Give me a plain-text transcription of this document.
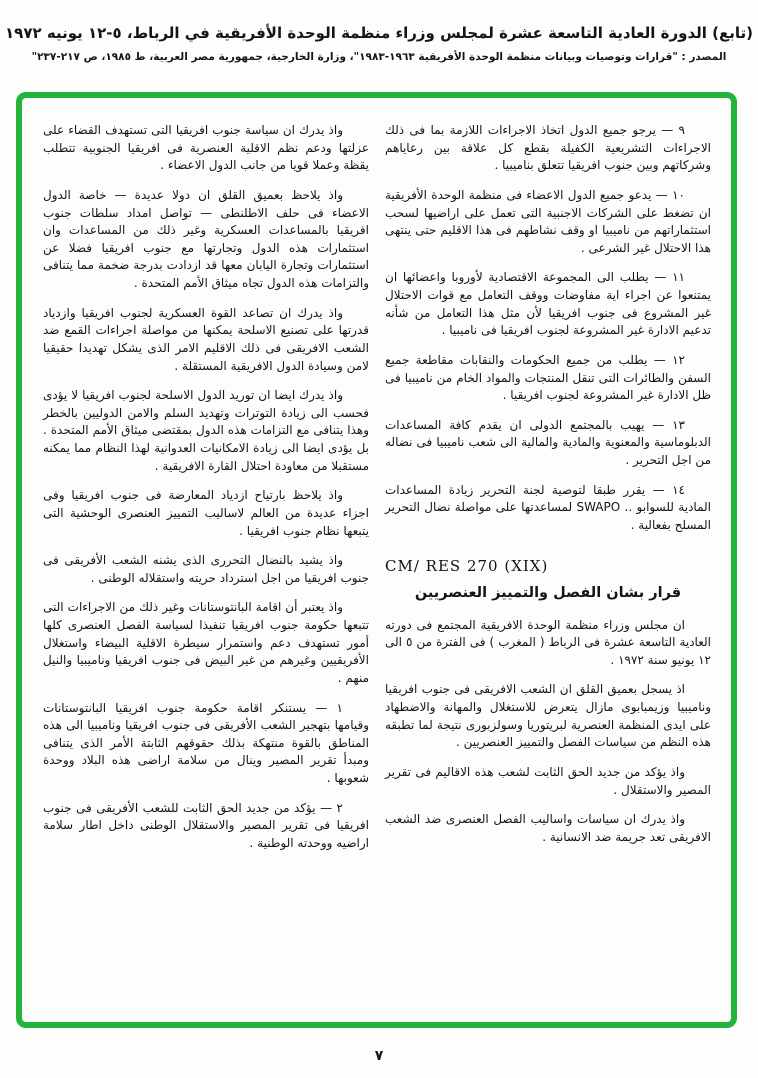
(تابع) الدورة العادية التاسعة عشرة لمجلس وزراء منظمة الوحدة الأفريقية في الرباط، ٥-١٢ يونيه ١٩٧٢
المصدر : "قرارات وتوصيات وبيانات منظمة الوحدة الأفريقية ١٩٦٣-١٩٨٣"، وزارة الخارجية، جمهورية مصر العربية، ط ١٩٨٥، ص ٢١٧-٢٣٧"

٩ — يرجو جميع الدول اتخاذ الاجراءات اللازمة بما فى ذلك الاجراءات التشريعية الكفيلة بقطع كل علاقة بين رعاياهم وشركاتهم وبين جنوب افريقيا تتعلق بناميبيا .

١٠ — يدعو جميع الدول الاعضاء فى منظمة الوحدة الأفريقية ان تضغط على الشركات الاجنبية التى تعمل على اراضيها لسحب استثماراتهم من ناميبيا او وقف نشاطهم فى هذا الاقليم حتى ينتهى هذا الاحتلال غير الشرعى .

١١ — يطلب الى المجموعة الاقتصادية لأوروبا واعضائها ان يمتنعوا عن اجراء اية مفاوضات ووقف التعامل مع قوات الاحتلال غير المشروع فى جنوب افريقيا لأن مثل هذا التعامل من شأنه تدعيم الادارة غير المشروعة لجنوب افريقيا فى ناميبيا .

١٢ — يطلب من جميع الحكومات والنقابات مقاطعة جميع السفن والطائرات التى تنقل المنتجات والمواد الخام من ناميبيا فى ظل الادارة غير المشروعة لجنوب افريقيا .

١٣ — يهيب بالمجتمع الدولى ان يقدم كافة المساعدات الدبلوماسية والمعنوية والمادية والمالية الى شعب ناميبيا فى نضاله من اجل التحرير .

١٤ — يقرر طبقا لتوصية لجنة التحرير زيادة المساعدات المادية للسوابو .. SWAPO لمساعدتها على مواصلة نضال التحرير المسلح بفعالية .

CM/ RES 270 (XIX)
قرار بشان الفصل والتمييز العنصريين

ان مجلس وزراء منظمة الوحدة الافريقية المجتمع فى دورته العادية التاسعة عشرة فى الرباط ( المغرب ) فى الفترة من ٥ الى ١٢ يونيو سنة ١٩٧٢ .

اذ يسجل بعميق القلق ان الشعب الافريقى فى جنوب افريقيا وناميبيا وزيمبابوى مازال يتعرض للاستغلال والمهانة والاضطهاد على ايدى المنظمة العنصرية لبريتوريا وسولزبورى نتيجة لما تطبقه هذه النظم من سياسات الفصل والتمييز العنصريين .

واذ يؤكد من جديد الحق الثابت لشعب هذه الاقاليم فى تقرير المصير والاستقلال .

واذ يدرك ان سياسات واساليب الفصل العنصرى ضد الشعب الافريقى تعد جريمة ضد الانسانية .

واذ يدرك ان سياسة جنوب افريقيا التى تستهدف القضاء على عزلتها ودعم نظم الاقلية العنصرية فى افريقيا الجنوبية تتطلب يقظة وعملا قويا من جانب الدول الاعضاء .

واذ يلاحظ بعميق القلق ان دولا عديدة — خاصة الدول الاعضاء فى حلف الاطلنطى — تواصل امداد سلطات جنوب افريقيا بالمساعدات العسكرية وغير ذلك من المساعدات وان استثمارات هذه الدول وتجارتها مع جنوب افريقيا فضلا عن استثمارات وتجارة اليابان معها قد ازدادت بدرجة ضخمة مما يتنافى والتزامات هذه الدول تجاه ميثاق الأمم المتحدة .

واذ يدرك ان تصاعد القوة العسكرية لجنوب افريقيا وازدياد قدرتها على تصنيع الاسلحة يمكنها من مواصلة اجراءات القمع ضد الشعب الافريقى فى ذلك الاقليم الامر الذى يشكل تهديدا حقيقيا لامن وسيادة الدول الافريقية المستقلة .

واذ يدرك ايضا ان توريد الدول الاسلحة لجنوب افريقيا لا يؤدى فحسب الى زيادة التوترات وتهديد السلم والامن الدوليين بالخطر وهذا يتنافى مع التزامات هذه الدول بمقتضى ميثاق الأمم المتحدة . بل يؤدى ايضا الى زيادة الامكانيات العدوانية لهذا النظام مما يمكنه مستقبلا من معاودة احتلال القارة الافريقية .

واذ يلاحظ بارتياح ازدياد المعارضة فى جنوب افريقيا وفى اجزاء عديدة من العالم لاساليب التمييز العنصرى الوحشية التى يتبعها نظام جنوب افريقيا .

واذ يشيد بالنضال التحررى الذى يشنه الشعب الأفريقى فى جنوب افريقيا من اجل استرداد حريته واستقلاله الوطنى .

واذ يعتبر أن اقامة البانتوستانات وغير ذلك من الاجراءات التى تتبعها حكومة جنوب افريقيا تنفيذا لسياسة الفصل العنصرى كلها أمور تستهدف دعم واستمرار سيطرة الاقلية البيضاء واستغلال الأفريقيين وغيرهم من غير البيض فى جنوب افريقيا وناميبيا والنيل منهم .

١ — يستنكر اقامة حكومة جنوب افريقيا البانتوستانات وقيامها بتهجير الشعب الأفريقى فى جنوب افريقيا وناميبيا الى هذه المناطق بالقوة منتهكة بذلك حقوقهم الثابتة الأمر الذى يتنافى ومبدأ تقرير المصير وينال من سلامة اراضى هذه البلاد ووحدة شعوبها .

٢ — يؤكد من جديد الحق الثابت للشعب الأفريقى فى جنوب افريقيا فى تقرير المصير والاستقلال الوطنى داخل اطار سلامة اراضيه ووحدته الوطنية .

٧
